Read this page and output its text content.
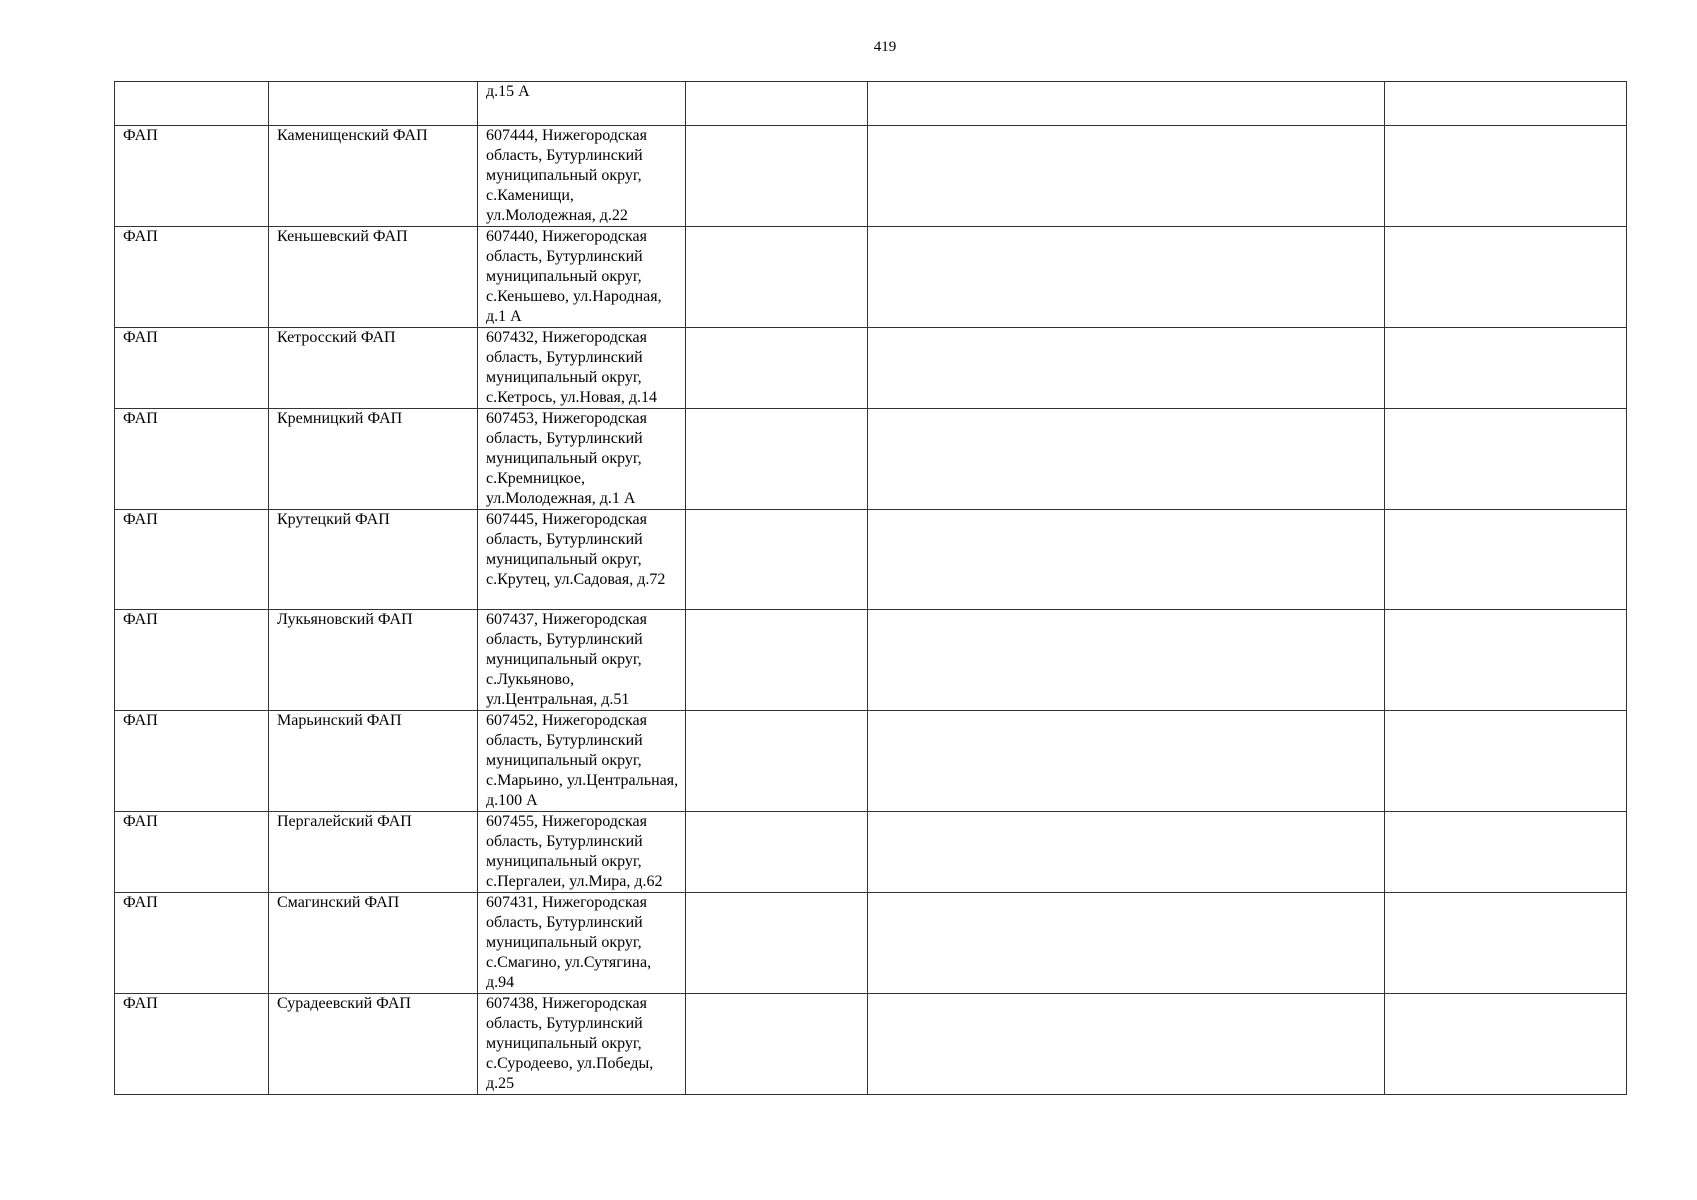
419
		д.15 А			
ФАП	Каменищенский ФАП	607444, Нижегородская область, Бутурлинский муниципальный округ, с.Каменищи, ул.Молодежная, д.22			
ФАП	Кеньшевский ФАП	607440, Нижегородская область, Бутурлинский муниципальный округ, с.Кеньшево, ул.Народная, д.1 А			
ФАП	Кетросский ФАП	607432, Нижегородская область, Бутурлинский муниципальный округ, с.Кетрось, ул.Новая, д.14			
ФАП	Кремницкий ФАП	607453, Нижегородская область, Бутурлинский муниципальный округ, с.Кремницкое, ул.Молодежная, д.1 А			
ФАП	Крутецкий ФАП	607445, Нижегородская область, Бутурлинский муниципальный округ, с.Крутец, ул.Садовая, д.72			
ФАП	Лукьяновский ФАП	607437, Нижегородская область, Бутурлинский муниципальный округ, с.Лукьяново, ул.Центральная, д.51			
ФАП	Марьинский ФАП	607452, Нижегородская область, Бутурлинский муниципальный округ, с.Марьино, ул.Центральная, д.100 А			
ФАП	Пергалейский ФАП	607455, Нижегородская область, Бутурлинский муниципальный округ, с.Пергалеи, ул.Мира, д.62			
ФАП	Смагинский ФАП	607431, Нижегородская область, Бутурлинский муниципальный округ, с.Смагино, ул.Сутягина, д.94			
ФАП	Сурадеевский ФАП	607438, Нижегородская область, Бутурлинский муниципальный округ, с.Суродеево, ул.Победы, д.25			
